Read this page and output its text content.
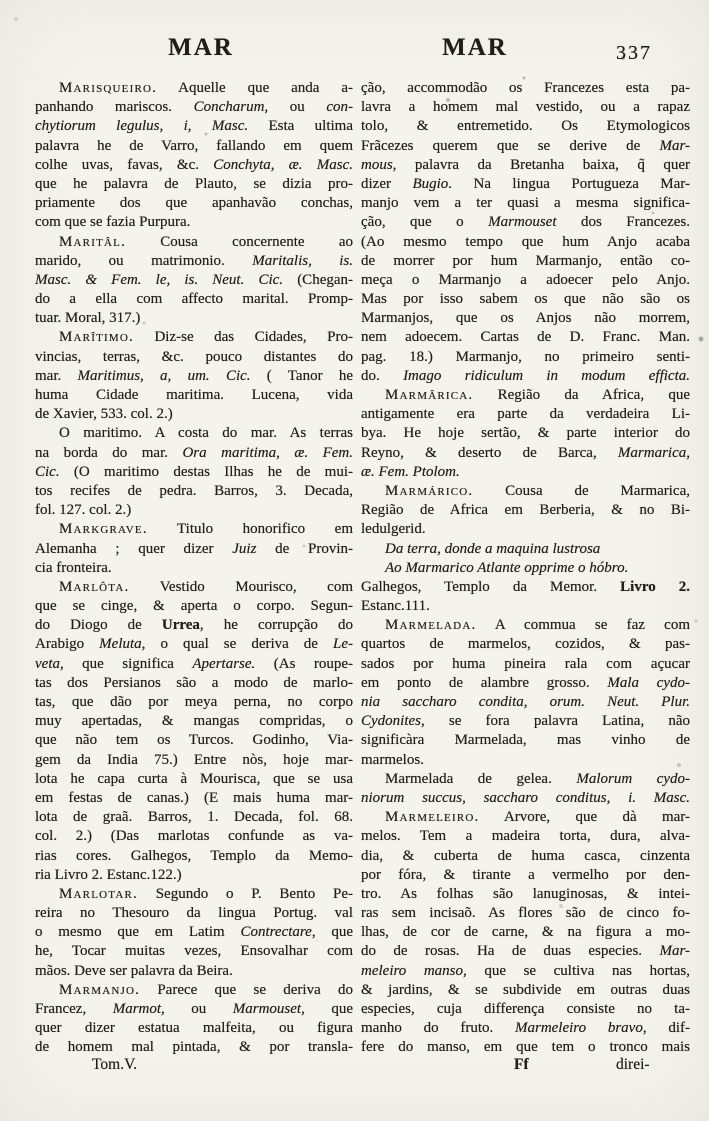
MAR	MAR	337
Marisqueiro. Aquelle que anda a-
panhando mariscos. Concharum, ou con-
chytiorum legulus, i, Masc. Esta ultima
palavra he de Varro, fallando em quem
colhe uvas, favas, &c. Conchyta, æ. Masc.
que he palavra de Plauto, se dizia pro-
priamente dos que apanhavão conchas,
com que se fazia Purpura.
Maritâl. Cousa concernente ao
marido, ou matrimonio. Maritalis, is.
Masc. & Fem. le, is. Neut. Cic. (Chegan-
do a ella com affecto marital. Promp-
tuar. Moral, 317.)
Marîtimo. Diz-se das Cidades, Pro-
vincias, terras, &c. pouco distantes do
mar. Maritimus, a, um. Cic. ( Tanor he
huma Cidade maritima. Lucena, vida
de Xavier, 533. col. 2.)
O maritimo. A costa do mar. As terras
na borda do mar. Ora maritima, æ. Fem.
Cic. (O maritimo destas Ilhas he de mui-
tos recifes de pedra. Barros, 3. Decada,
fol. 127. col. 2.)
Markgrave. Titulo honorifico em
Alemanha ; quer dizer Juiz de Provin-
cia fronteira.
Marlôta. Vestido Mourisco, com
que se cinge, & aperta o corpo. Segun-
do Diogo de Urrea, he corrupção do
Arabigo Meluta, o qual se deriva de Le-
veta, que significa Apertarse. (As roupe-
tas dos Persianos são a modo de marlo-
tas, que dão por meya perna, no corpo
muy apertadas, & mangas compridas, o
que não tem os Turcos. Godinho, Via-
gem da India 75.) Entre nòs, hoje mar-
lota he capa curta à Mourisca, que se usa
em festas de canas.) (E mais huma mar-
lota de graã. Barros, 1. Decada, fol. 68.
col. 2.) (Das marlotas confunde as va-
rias cores. Galhegos, Templo da Memo-
ria Livro 2. Estanc.122.)
Marlotar. Segundo o P. Bento Pe-
reira no Thesouro da lingua Portug. val
o mesmo que em Latim Contrectare, que
he, Tocar muitas vezes, Ensovalhar com
mãos. Deve ser palavra da Beira.
Marmanjo. Parece que se deriva do
Francez, Marmot, ou Marmouset, que
quer dizer estatua malfeita, ou figura
de homem mal pintada, & por transla-
ção, accommodão os Francezes esta pa-
lavra a homem mal vestido, ou a rapaz
tolo, & entremetido. Os Etymologicos
Frãcezes querem que se derive de Mar-
mous, palavra da Bretanha baixa, q̃ quer
dizer Bugio. Na lingua Portugueza Mar-
manjo vem a ter quasi a mesma significa-
ção, que o Marmouset dos Francezes.
(Ao mesmo tempo que hum Anjo acaba
de morrer por hum Marmanjo, então co-
meça o Marmanjo a adoecer pelo Anjo.
Mas por isso sabem os que não são os
Marmanjos, que os Anjos não morrem,
nem adoecem. Cartas de D. Franc. Man.
pag. 18.) Marmanjo, no primeiro senti-
do. Imago ridiculum in modum efficta.
Marmârica. Região da Africa, que
antigamente era parte da verdadeira Li-
bya. He hoje sertão, & parte interior do
Reyno, & deserto de Barca, Marmarica,
æ. Fem. Ptolom.
Marmárico. Cousa de Marmarica,
Região de Africa em Berberia, & no Bi-
ledulgerid.
Da terra, donde a maquina lustrosa
Ao Marmarico Atlante opprime o hóbro.
Galhegos, Templo da Memor. Livro 2.
Estanc.111.
Marmelada. A commua se faz com
quartos de marmelos, cozidos, & pas-
sados por huma pineira rala com açucar
em ponto de alambre grosso. Mala cydo-
nia saccharo condita, orum. Neut. Plur.
Cydonites, se fora palavra Latina, não
significàra Marmelada, mas vinho de
marmelos.
Marmelada de gelea. Malorum cydo-
niorum succus, saccharo conditus, i. Masc.
Marmeleiro. Arvore, que dà mar-
melos. Tem a madeira torta, dura, alva-
dia, & cuberta de huma casca, cinzenta
por fóra, & tirante a vermelho por den-
tro. As folhas são lanuginosas, & intei-
ras sem incisaõ. As flores são de cinco fo-
lhas, de cor de carne, & na figura a mo-
do de rosas. Ha de duas especies. Mar-
meleiro manso, que se cultiva nas hortas,
& jardins, & se subdivide em outras duas
especies, cuja differença consiste no ta-
manho do fruto. Marmeleiro bravo, dif-
fere do manso, em que tem o tronco mais
Tom.V.	Ff	direi-
